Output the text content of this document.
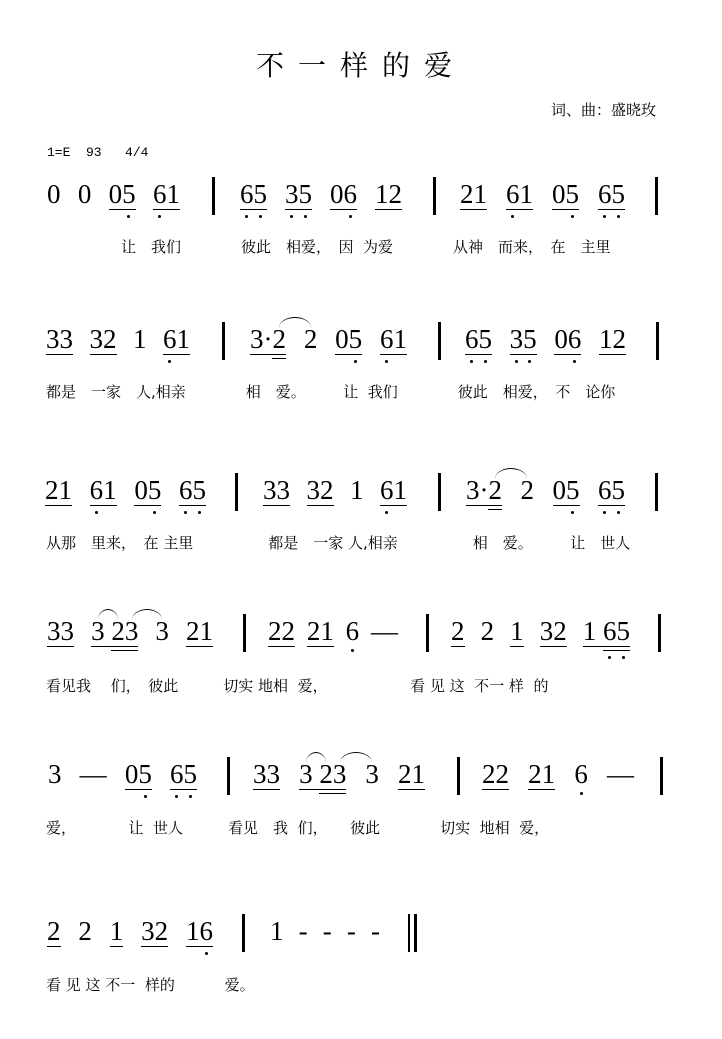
不一样的爱
词、曲：盛晓玫
1=E  93   4/4
0 0 05 61 65 35 06 12 21 61 05 65
　　　　　让　我们　　　　彼此　相爱，　因  为爱　　　　从神　而来，　在　主里
33 32 1 61 3·2 2 05 61 65 35 06 12
都是　一家　人,相亲　　　　相　爱。　　　让  我们　　　　彼此　相爱，　不　论你
21 61 05 65 33 32 1 61 3·2 2 05 65
从那　里来，　在 主里　　　　　都是　一家 人,相亲　　　　　相　爱。　　　让　世人
33 3 23 3 21 22 21 6 — 2 2 1 32 1 65
看见我　 们，　彼此　　　切实 地相  爱，　　　　　　看 见 这  不一 样  的
3 — 05 65 33 3 23 3 21 22 21 6 —
爱，　　　　让  世人　　　看见　我  们，　　彼此　　　　切实  地相  爱，
2 2 1 32 16 1 - - - -
看 见 这 不一  样的　　　 爱。
